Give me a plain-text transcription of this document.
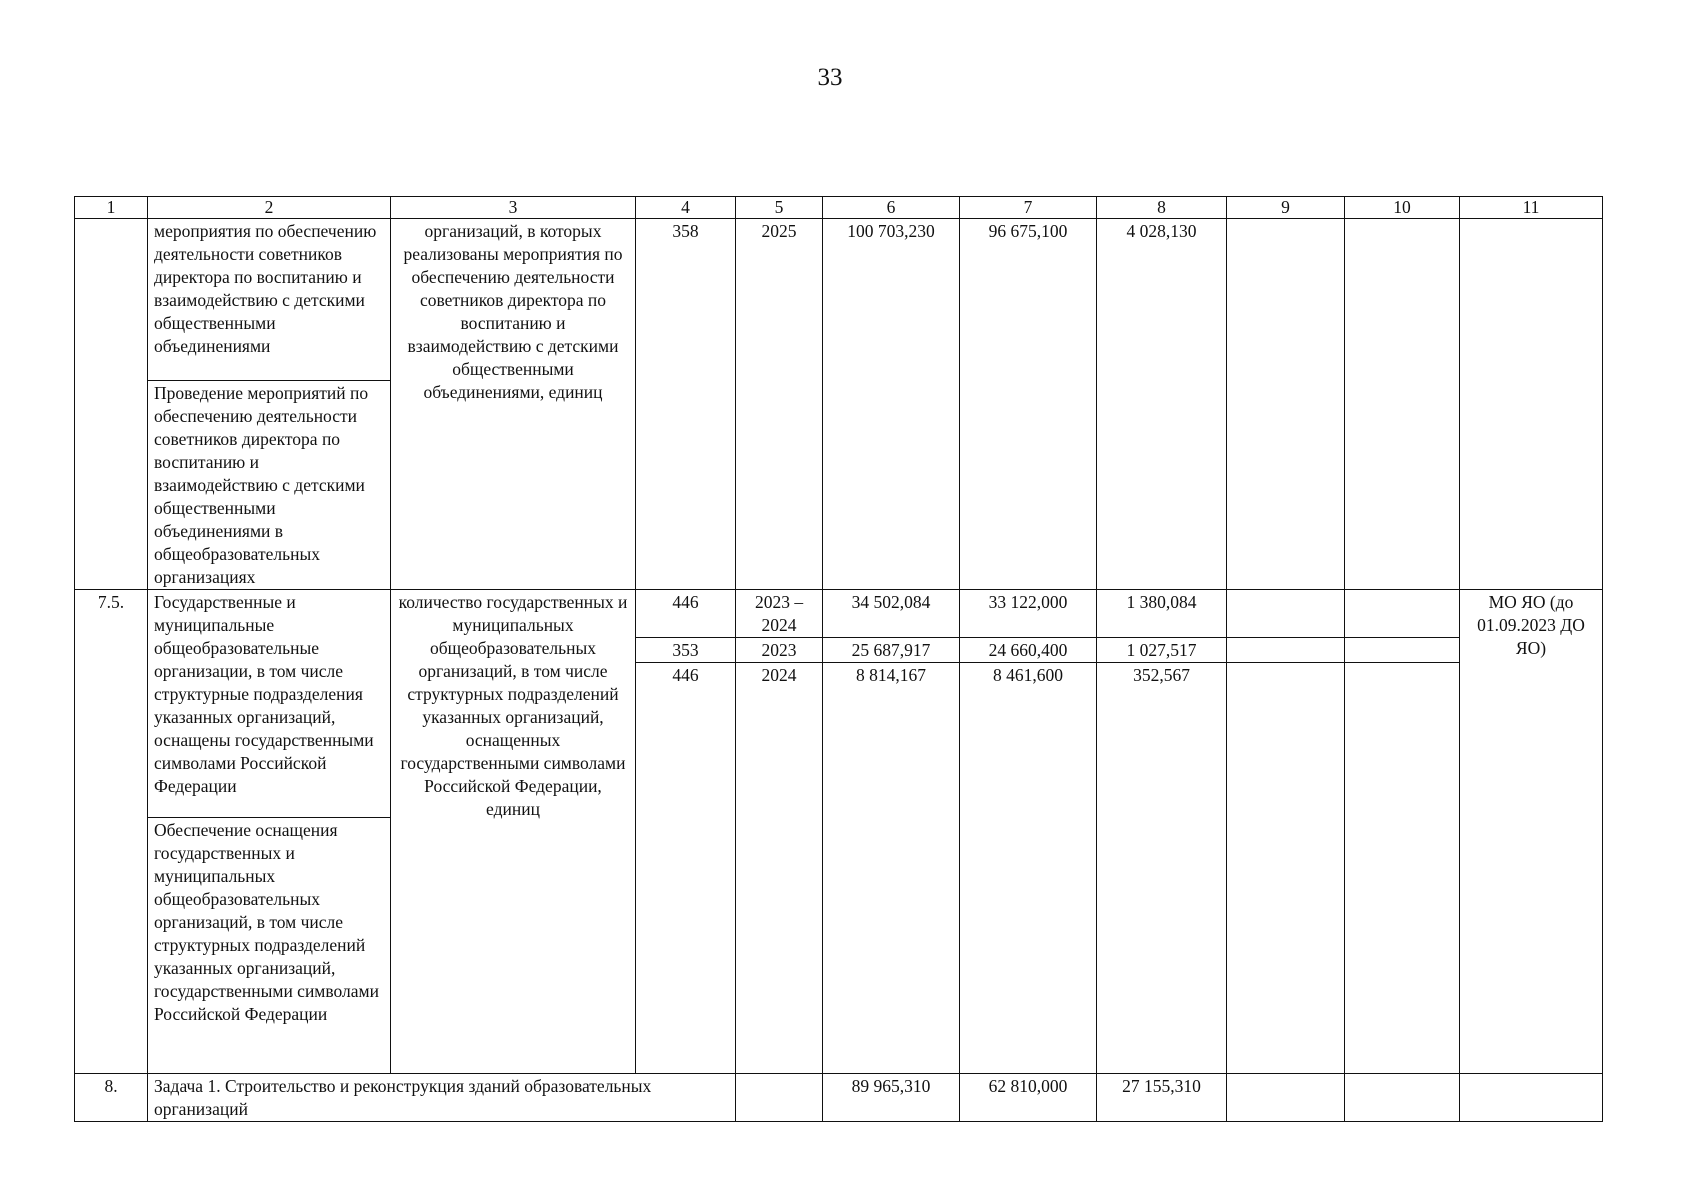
33
1	2	3	4	5	6	7	8	9	10	11
	мероприятия по обеспечению деятельности советников директора по воспитанию и взаимодействию с детскими общественными объединениями	организаций, в которых реализованы мероприятия по обеспечению деятельности советников директора по воспитанию и взаимодействию с детскими общественными объединениями, единиц	358	2025	100 703,230	96 675,100	4 028,130			
	Проведение мероприятий по обеспечению деятельности советников директора по воспитанию и взаимодействию с детскими общественными объединениями в общеобразовательных организациях									
7.5.	Государственные и муниципальные общеобразовательные организации, в том числе структурные подразделения указанных организаций, оснащены государственными символами Российской Федерации	количество государственных и муниципальных общеобразовательных организаций, в том числе структурных подразделений указанных организаций, оснащенных государственными символами Российской Федерации, единиц	446	2023 – 2024	34 502,084	33 122,000	1 380,084			МО ЯО (до 01.09.2023 ДО ЯО)
			353	2023	25 687,917	24 660,400	1 027,517			
			446	2024	8 814,167	8 461,600	352,567			
	Обеспечение оснащения государственных и муниципальных общеобразовательных организаций, в том числе структурных подразделений указанных организаций, государственными символами Российской Федерации									
8.	Задача 1. Строительство и реконструкция зданий образовательных организаций				89 965,310	62 810,000	27 155,310			
